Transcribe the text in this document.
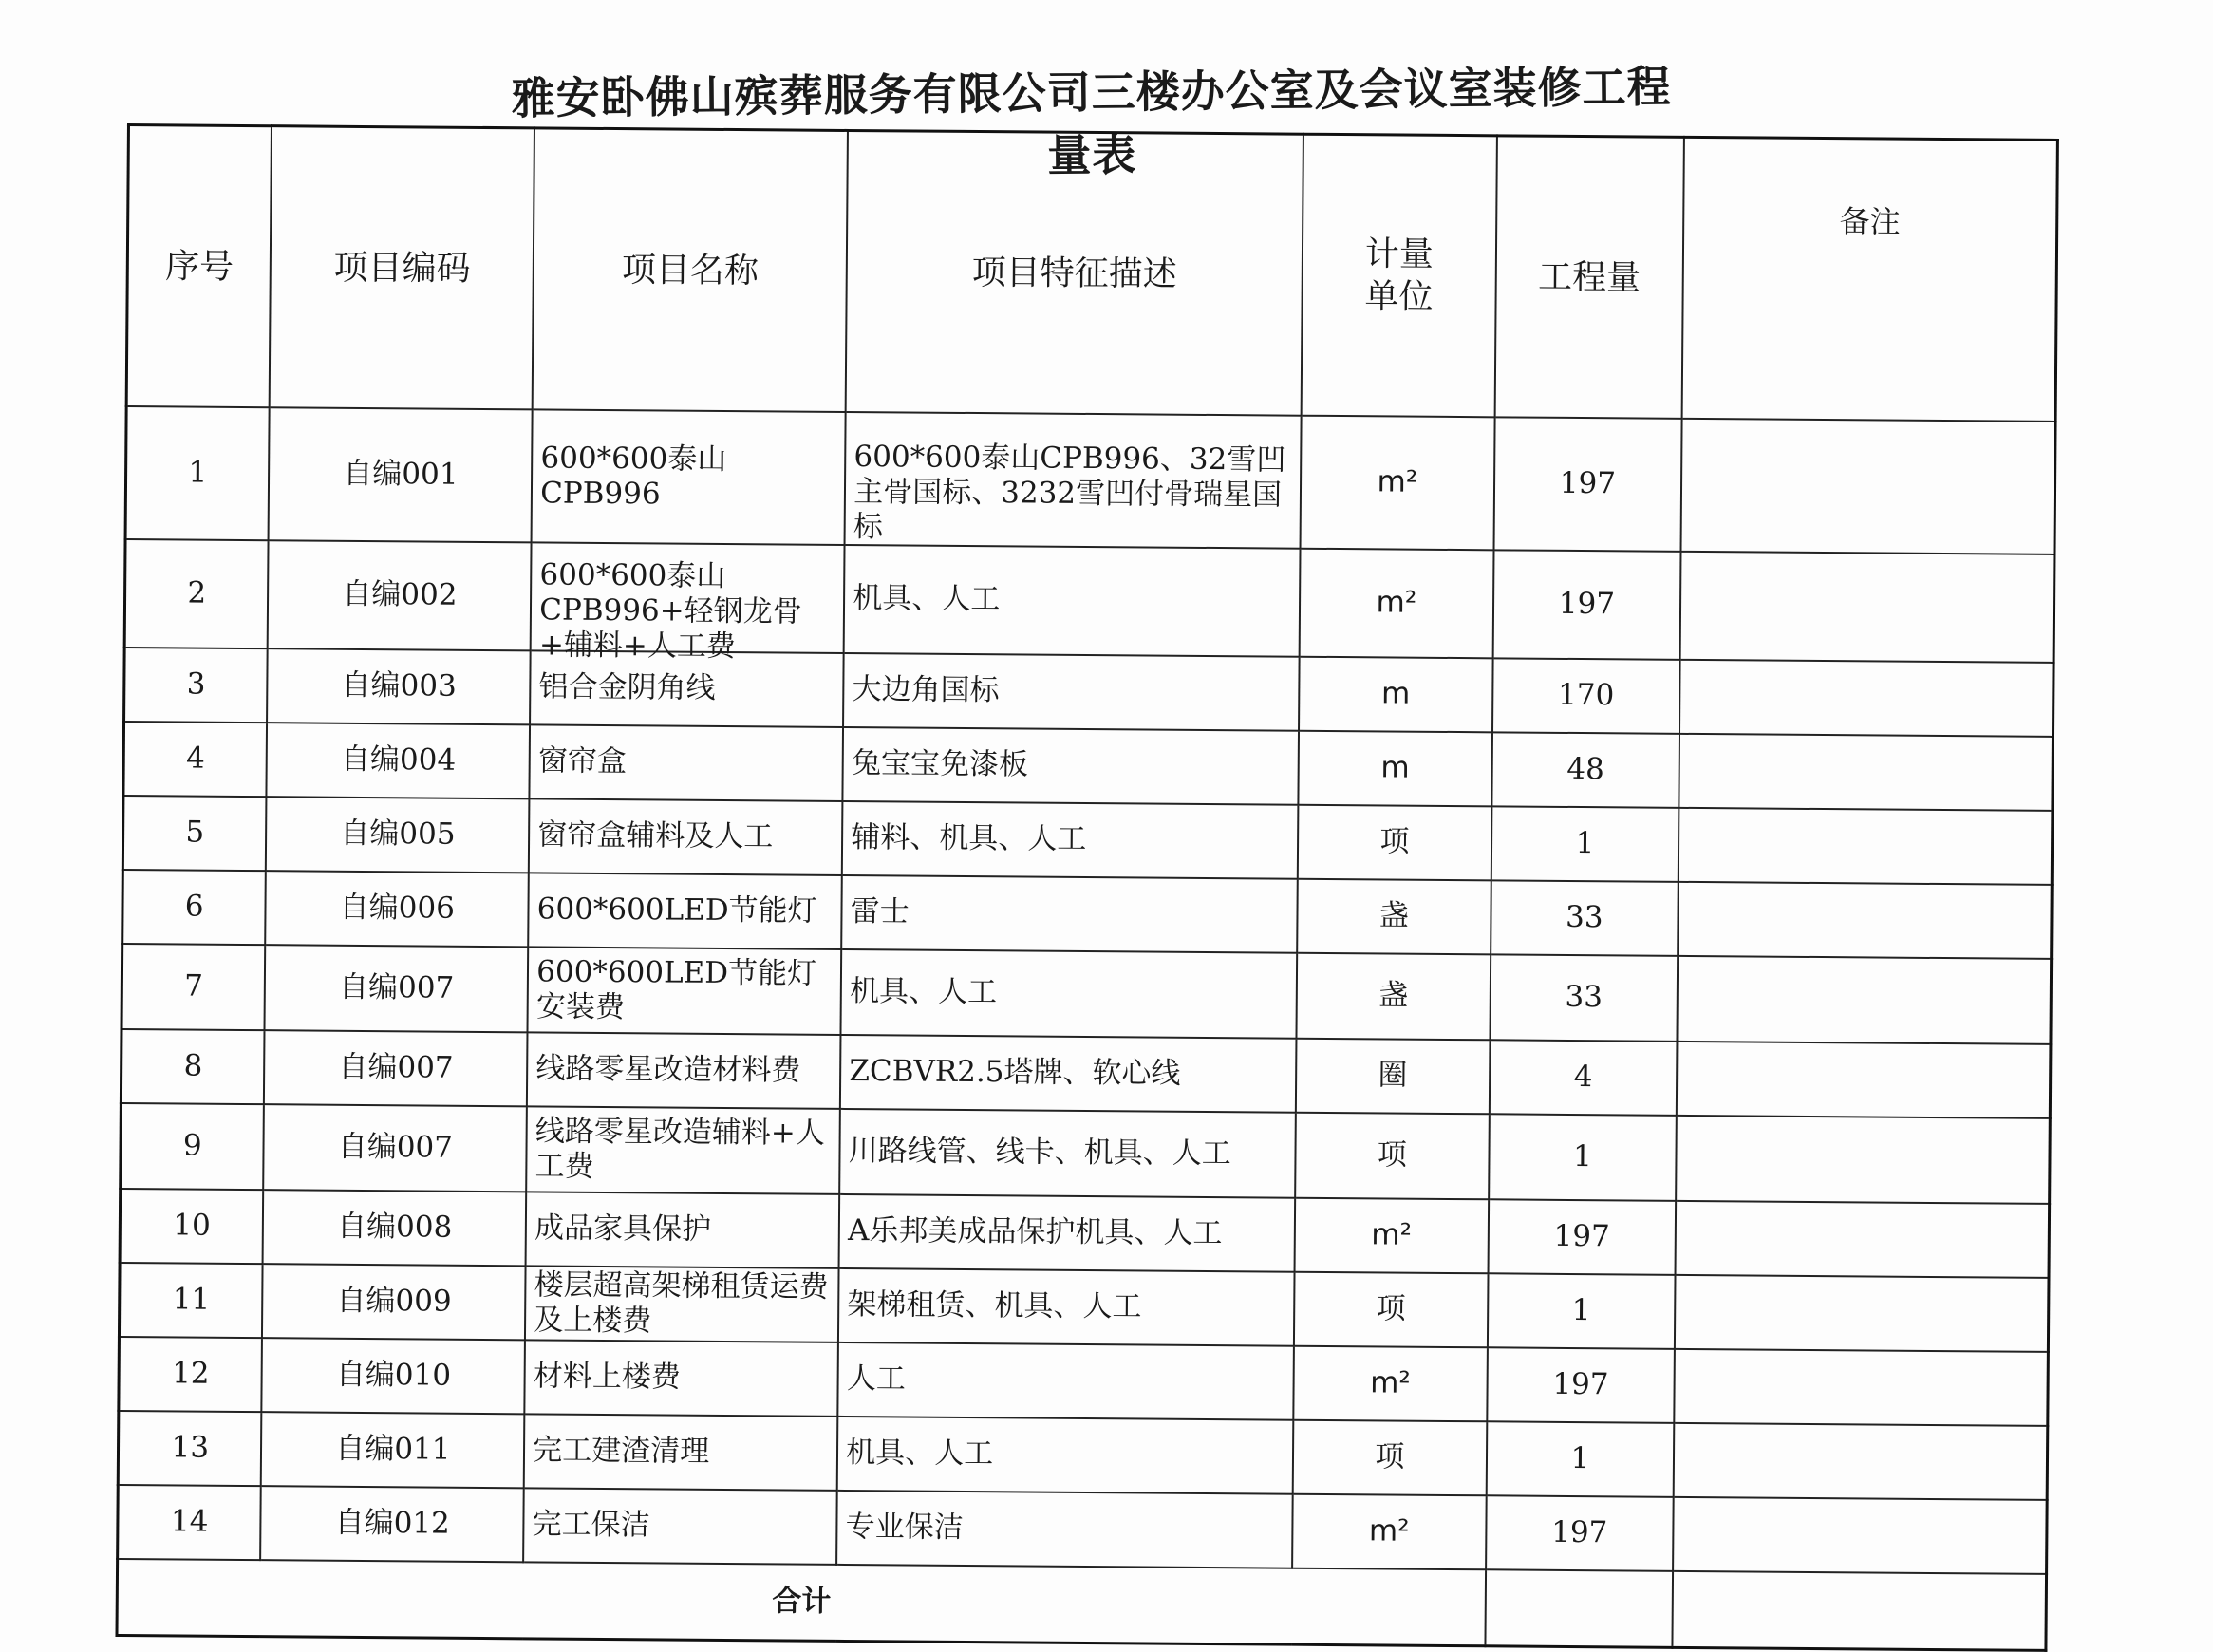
雅安卧佛山殡葬服务有限公司三楼办公室及会议室装修工程量表
序号	项目编码	项目名称	项目特征描述	计量单位	工程量	备注
1	自编001	600*600泰山CPB996	600*600泰山CPB996、32雪凹主骨国标、3232雪凹付骨瑞星国标	m²	197	
2	自编002	600*600泰山CPB996+轻钢龙骨+辅料+人工费	机具、人工	m²	197	
3	自编003	铝合金阴角线	大边角国标	m	170	
4	自编004	窗帘盒	兔宝宝免漆板	m	48	
5	自编005	窗帘盒辅料及人工	辅料、机具、人工	项	1	
6	自编006	600*600LED节能灯	雷士	盏	33	
7	自编007	600*600LED节能灯安装费	机具、人工	盏	33	
8	自编007	线路零星改造材料费	ZCBVR2.5塔牌、软心线	圈	4	
9	自编007	线路零星改造辅料+人工费	川路线管、线卡、机具、人工	项	1	
10	自编008	成品家具保护	A乐邦美成品保护机具、人工	m²	197	
11	自编009	楼层超高架梯租赁运费及上楼费	架梯租赁、机具、人工	项	1	
12	自编010	材料上楼费	人工	m²	197	
13	自编011	完工建渣清理	机具、人工	项	1	
14	自编012	完工保洁	专业保洁	m²	197	
合计						
